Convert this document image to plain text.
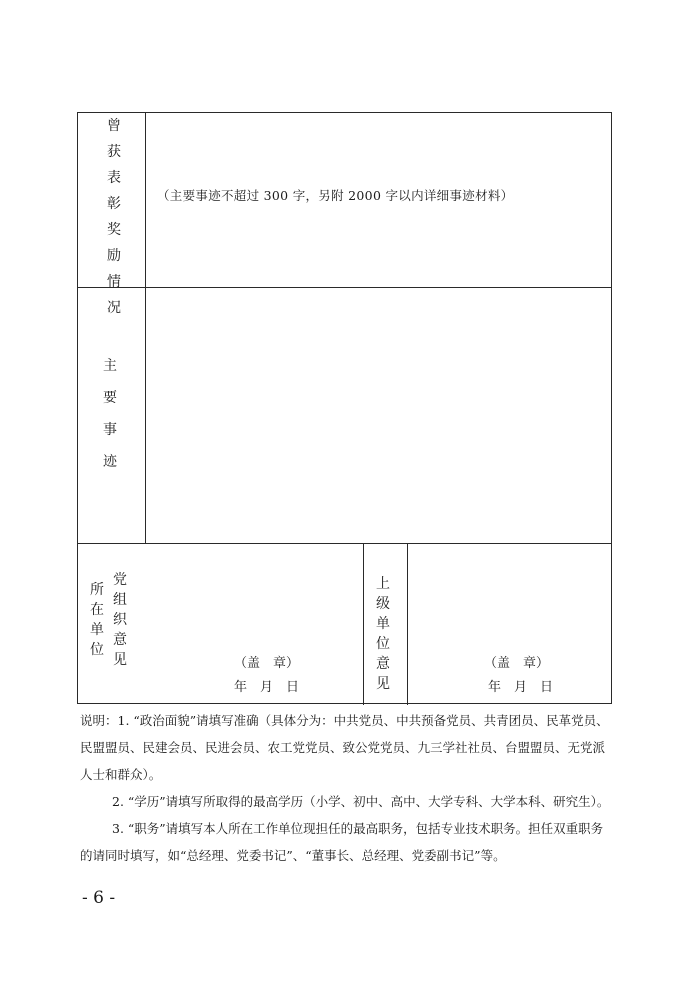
曾
获
表
彰
奖
励
情
况
主
要
事
迹
（主要事迹不超过 300 字，另附 2000 字以内详细事迹材料）
所
在
单
位
党
组
织
意
见
上
级
单
位
意
见
（盖　章）
年　月　日
（盖　章）
年　月　日

说明：1. “政治面貌”请填写准确（具体分为：中共党员、中共预备党员、共青团员、民革党员、

民盟盟员、民建会员、民进会员、农工党党员、致公党党员、九三学社社员、台盟盟员、无党派

人士和群众）。

2. “学历”请填写所取得的最高学历（小学、初中、高中、大学专科、大学本科、研究生）。

3. “职务”请填写本人所在工作单位现担任的最高职务，包括专业技术职务。担任双重职务

的请同时填写，如“总经理、党委书记”、“董事长、总经理、党委副书记”等。

- 6 -
